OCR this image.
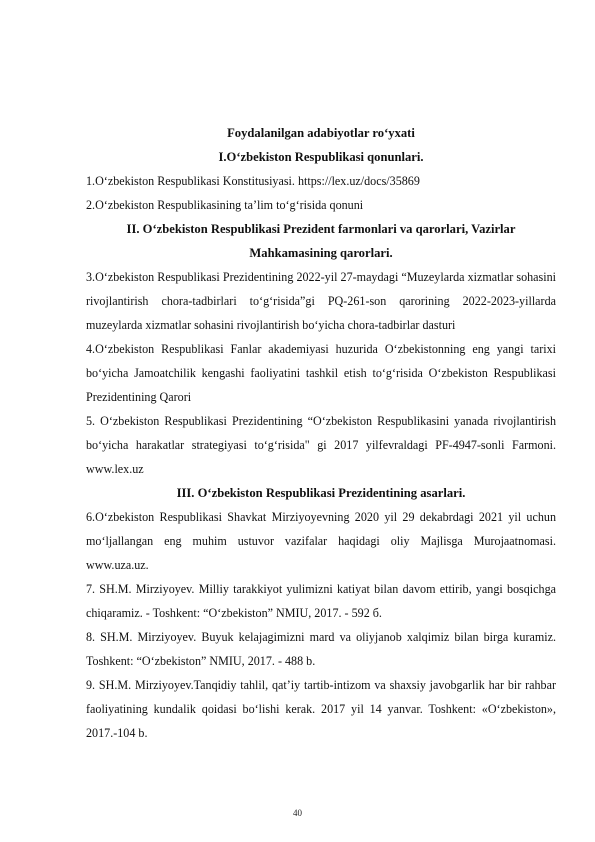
Foydalanilgan adabiyotlar ro‘yxati

I.O‘zbekiston Respublikasi qonunlari.

1.O‘zbekiston Respublikasi Konstitusiyasi. https://lex.uz/docs/35869

2.O‘zbekiston Respublikasining ta’lim to‘g‘risida qonuni

II. O‘zbekiston Respublikasi Prezident farmonlari va qarorlari, Vazirlar Mahkamasining qarorlari.

3.O‘zbekiston Respublikasi Prezidentining 2022-yil 27-maydagi “Muzeylarda xizmatlar sohasini rivojlantirish chora-tadbirlari to‘g‘risida”gi PQ-261-son qarorining 2022-2023-yillarda muzeylarda xizmatlar sohasini rivojlantirish bo‘yicha chora-tadbirlar dasturi

4.O‘zbekiston Respublikasi Fanlar akademiyasi huzurida O‘zbekistonning eng yangi tarixi bo‘yicha Jamoatchilik kengashi faoliyatini tashkil etish to‘g‘risida O‘zbekiston Respublikasi Prezidentining Qarori

5. O‘zbekiston Respublikasi Prezidentining “O‘zbekiston Respublikasini yanada rivojlantirish bo‘yicha harakatlar strategiyasi to‘g‘risida" gi 2017 yilfevraldagi PF-4947-sonli Farmoni. www.lex.uz

III. O‘zbekiston Respublikasi Prezidentining asarlari.

6.O‘zbekiston Respublikasi Shavkat Mirziyoyevning 2020 yil 29 dekabrdagi 2021 yil uchun mo‘ljallangan eng muhim ustuvor vazifalar haqidagi oliy Majlisga Murojaatnomasi. www.uza.uz.

7. SH.M. Mirziyoyev. Milliy tarakkiyot yulimizni katiyat bilan davom ettirib, yangi bosqichga chiqaramiz. - Toshkent: “O‘zbekiston” NMIU, 2017. - 592 б.

8. SH.M. Mirziyoyev. Buyuk kelajagimizni mard va oliyjanob xalqimiz bilan birga kuramiz. Toshkent: “O‘zbekiston” NMIU, 2017. - 488 b.

9. SH.M. Mirziyoyev.Tanqidiy tahlil, qat’iy tartib-intizom va shaxsiy javobgarlik har bir rahbar faoliyatining kundalik qoidasi bo‘lishi kerak. 2017 yil 14 yanvar. Toshkent: «O‘zbekiston», 2017.-104 b.

40
